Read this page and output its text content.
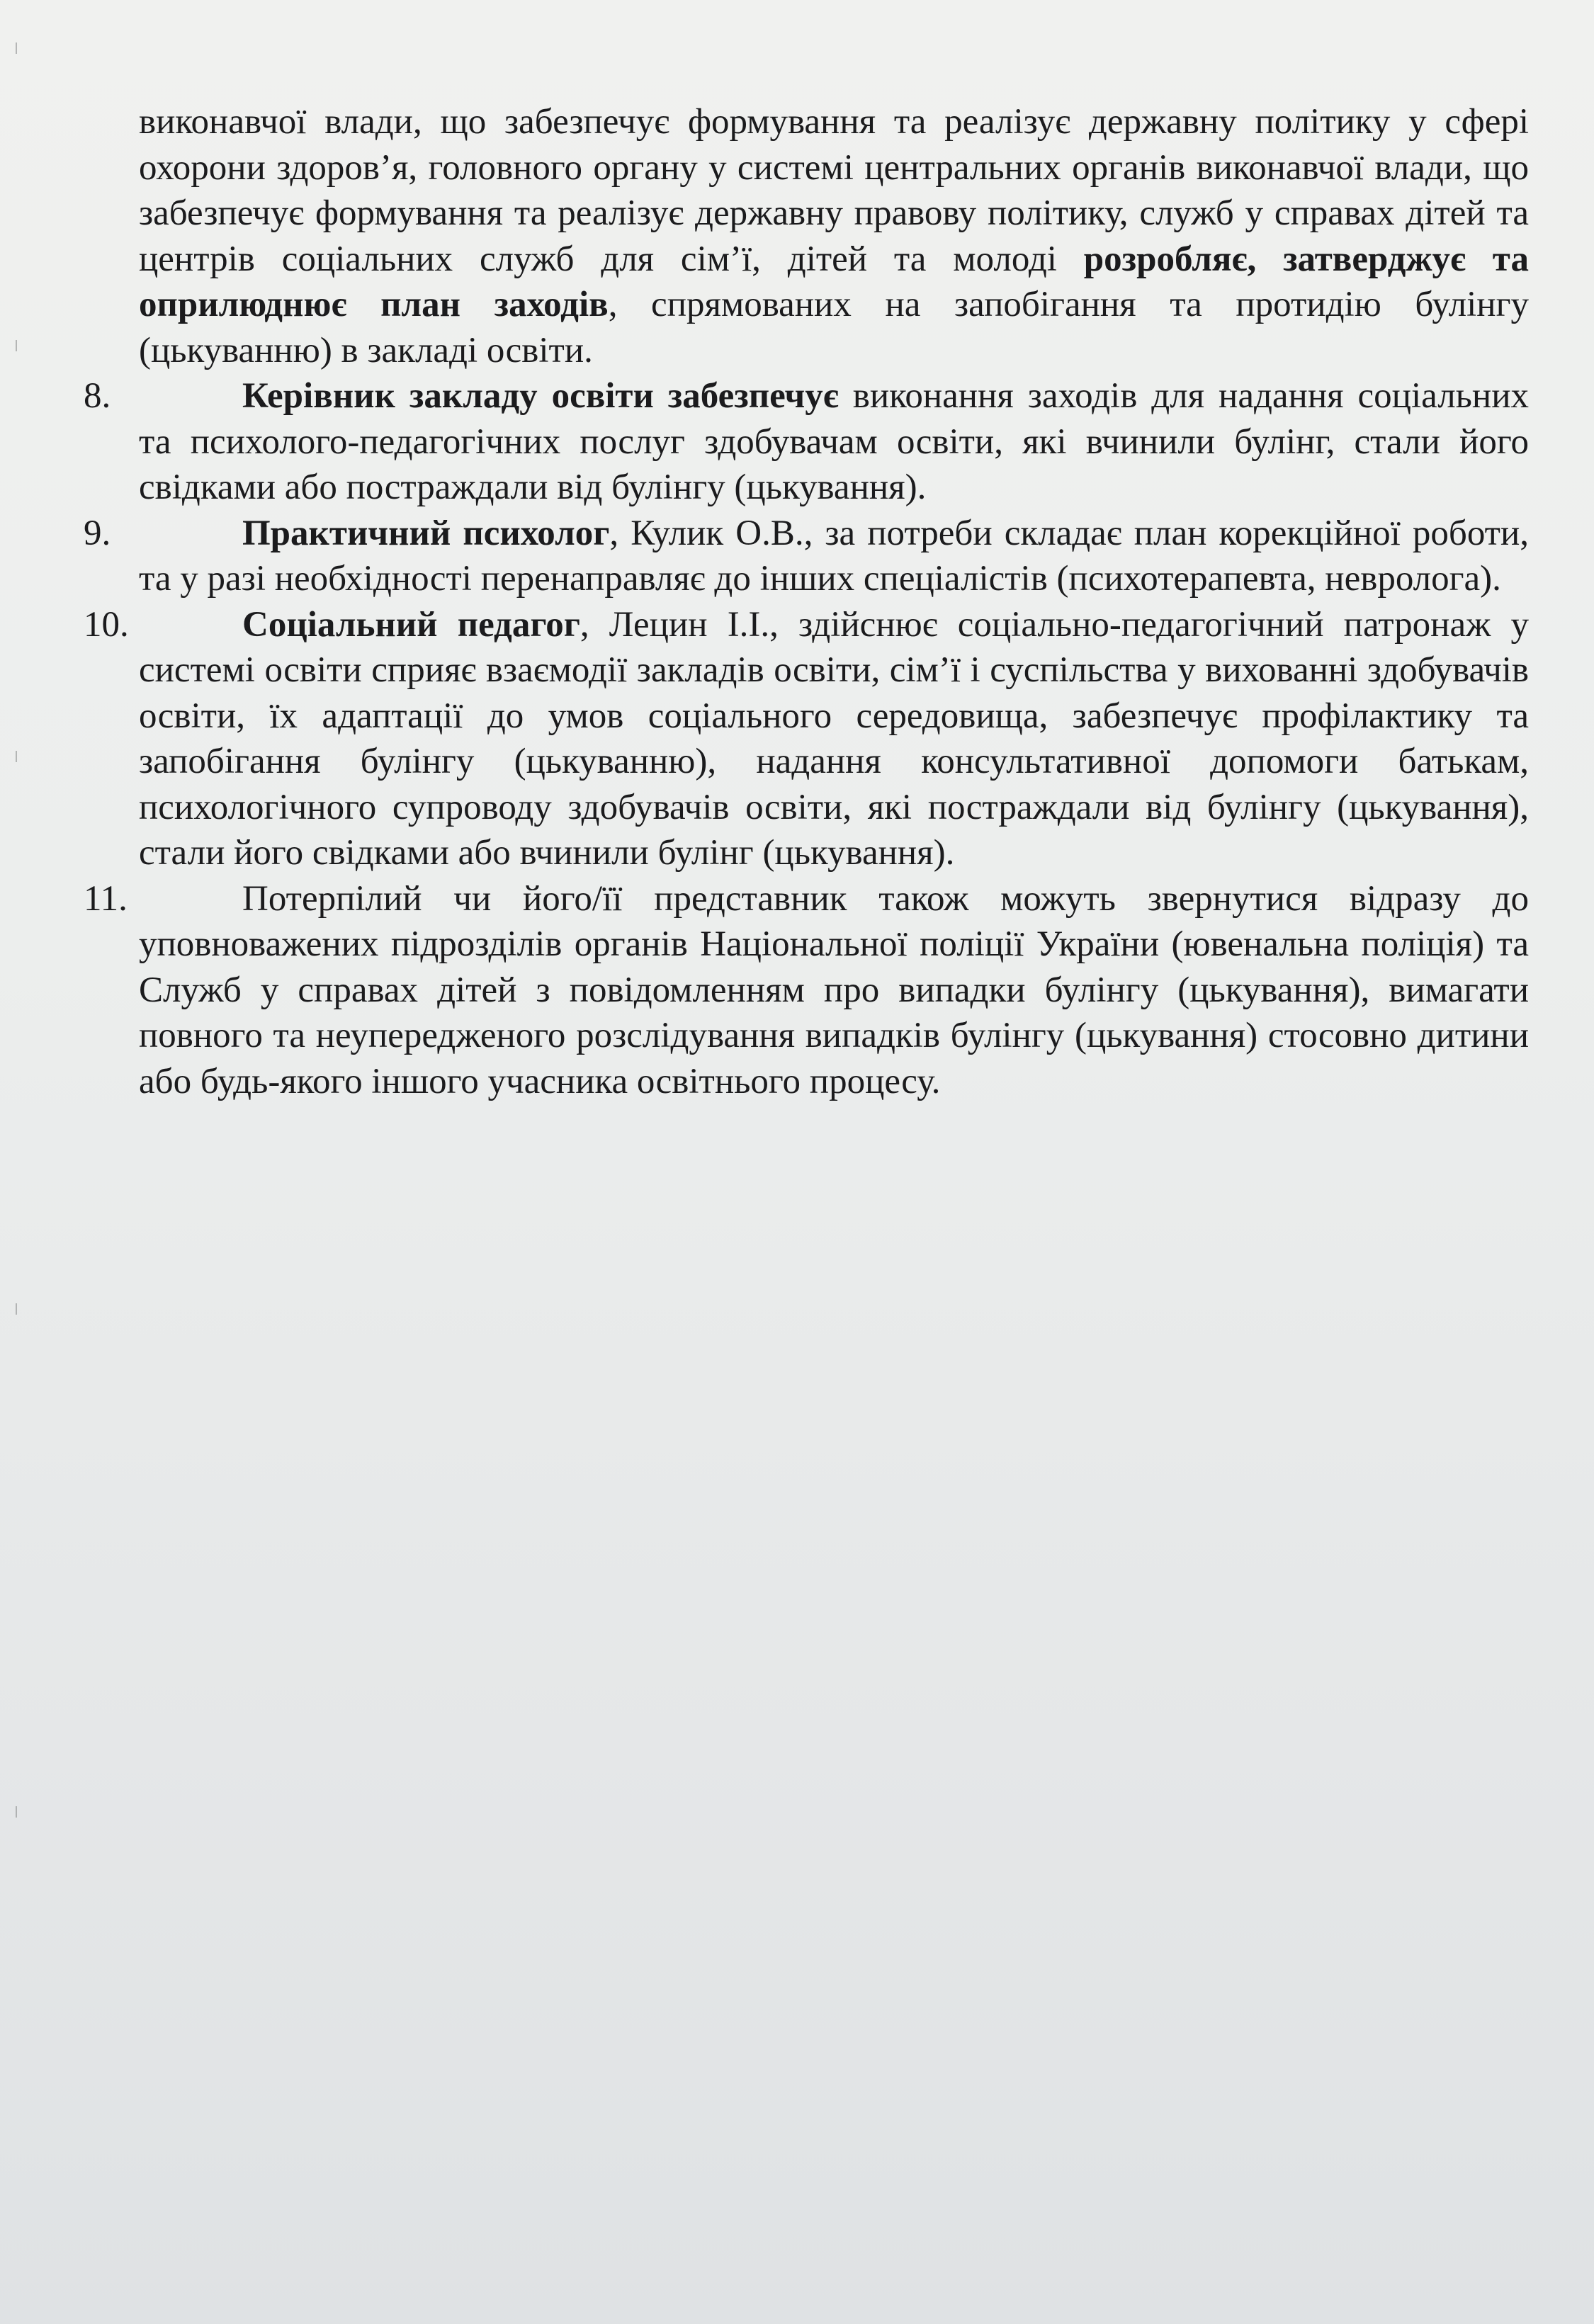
виконавчої влади, що забезпечує формування та реалізує державну політику у сфері охорони здоров’я, головного органу у системі центральних органів виконавчої влади, що забезпечує формування та реалізує державну правову політику, служб у справах дітей та центрів соціальних служб для сім’ї, дітей та молоді розробляє, затверджує та оприлюднює план заходів, спрямованих на запобігання та протидію булінгу (цькуванню) в закладі освіти.
8.	Керівник закладу освіти забезпечує виконання заходів для надання соціальних та психолого-педагогічних послуг здобувачам освіти, які вчинили булінг, стали його свідками або постраждали від булінгу (цькування).
9.	Практичний психолог, Кулик О.В., за потреби складає план корекційної роботи, та у разі необхідності перенаправляє до інших спеціалістів (психотерапевта, невролога).
10.	Соціальний педагог, Лецин І.І., здійснює соціально-педагогічний патронаж у системі освіти сприяє взаємодії закладів освіти, сім’ї і суспільства у вихованні здобувачів освіти, їх адаптації до умов соціального середовища, забезпечує профілактику та запобігання булінгу (цькуванню), надання консультативної допомоги батькам, психологічного супроводу здобувачів освіти, які постраждали від булінгу (цькування), стали його свідками або вчинили булінг (цькування).
11.	Потерпілий чи його/її представник також можуть звернутися відразу до уповноважених підрозділів органів Національної поліції України (ювенальна поліція) та Служб у справах дітей з повідомленням про випадки булінгу (цькування), вимагати повного та неупередженого розслідування випадків булінгу (цькування) стосовно дитини або будь-якого іншого учасника освітнього процесу.
